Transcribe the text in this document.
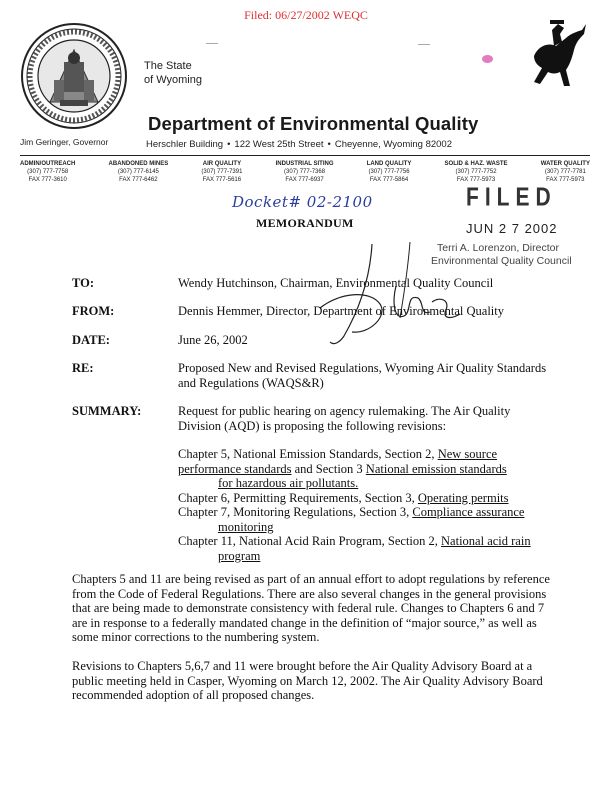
Filed: 06/27/2002 WEQC
Jim Geringer, Governor
The State
of Wyoming
Department of Environmental Quality
Herschler Building • 122 West 25th Street • Cheyenne, Wyoming 82002
ADMIN/OUTREACH
(307) 777-7758
FAX 777-3610
ABANDONED MINES
(307) 777-6145
FAX 777-6462
AIR QUALITY
(307) 777-7391
FAX 777-5616
INDUSTRIAL SITING
(307) 777-7368
FAX 777-6937
LAND QUALITY
(307) 777-7756
FAX 777-5864
SOLID & HAZ. WASTE
(307) 777-7752
FAX 777-5973
WATER QUALITY
(307) 777-7781
FAX 777-5973
FILED
JUN 2 7 2002
Docket# 02-2100
MEMORANDUM
Terri A. Lorenzon, Director
Environmental Quality Council
TO:	Wendy Hutchinson, Chairman, Environmental Quality Council
FROM:	Dennis Hemmer, Director, Department of Environmental Quality
DATE:	June 26, 2002
RE:	Proposed New and Revised Regulations, Wyoming Air Quality Standards and Regulations (WAQS&R)
SUMMARY:	Request for public hearing on agency rulemaking. The Air Quality Division (AQD) is proposing the following revisions:
Chapter 5, National Emission Standards, Section 2, New source performance standards and Section 3 National emission standards
for hazardous air pollutants.
Chapter 6, Permitting Requirements, Section 3, Operating permits
Chapter 7, Monitoring Regulations, Section 3, Compliance assurance
monitoring
Chapter 11, National Acid Rain Program, Section 2, National acid rain
program
Chapters 5 and 11 are being revised as part of an annual effort to adopt regulations by reference from the Code of Federal Regulations. There are also several changes in the general provisions that are being made to demonstrate consistency with federal rule. Changes to Chapters 6 and 7 are in response to a federally mandated change in the definition of “major source,” as well as some minor corrections to the numbering system.
Revisions to Chapters 5,6,7 and 11 were brought before the Air Quality Advisory Board at a public meeting held in Casper, Wyoming on March 12, 2002. The Air Quality Advisory Board recommended adoption of all proposed changes.
